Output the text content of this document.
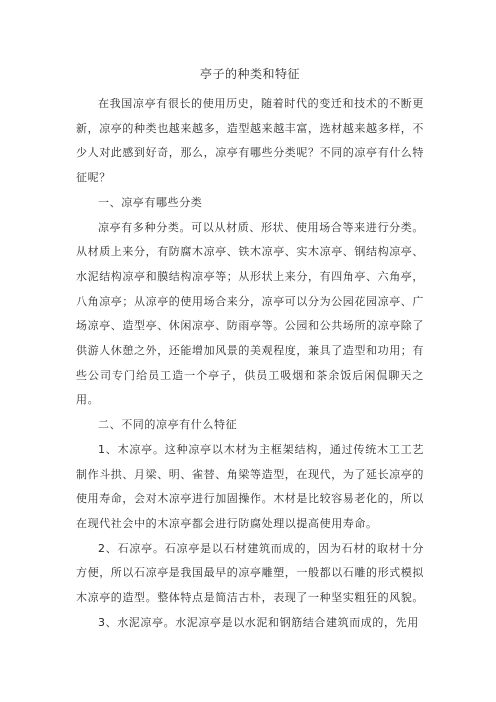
亭子的种类和特征

在我国凉亭有很长的使用历史，随着时代的变迁和技术的不断更新，凉亭的种类也越来越多，造型越来越丰富，选材越来越多样，不少人对此感到好奇，那么，凉亭有哪些分类呢？不同的凉亭有什么特征呢？

一、凉亭有哪些分类

凉亭有多种分类。可以从材质、形状、使用场合等来进行分类。从材质上来分，有防腐木凉亭、铁木凉亭、实木凉亭、钢结构凉亭、水泥结构凉亭和膜结构凉亭等；从形状上来分，有四角亭、六角亭，八角凉亭；从凉亭的使用场合来分，凉亭可以分为公园花园凉亭、广场凉亭、造型亭、休闲凉亭、防雨亭等。公园和公共场所的凉亭除了供游人休憩之外，还能增加风景的美观程度，兼具了造型和功用；有些公司专门给员工造一个亭子，供员工吸烟和茶余饭后闲侃聊天之用。

二、不同的凉亭有什么特征

1、木凉亭。这种凉亭以木材为主框架结构，通过传统木工工艺制作斗拱、月梁、明、雀替、角梁等造型，在现代，为了延长凉亭的使用寿命，会对木凉亭进行加固操作。木材是比较容易老化的，所以在现代社会中的木凉亭都会进行防腐处理以提高使用寿命。

2、石凉亭。石凉亭是以石材建筑而成的，因为石材的取材十分方便，所以石凉亭是我国最早的凉亭雕塑，一般都以石雕的形式模拟木凉亭的造型。整体特点是简洁古朴，表现了一种坚实粗狂的风貌。

3、水泥凉亭。水泥凉亭是以水泥和钢筋结合建筑而成的，先用
